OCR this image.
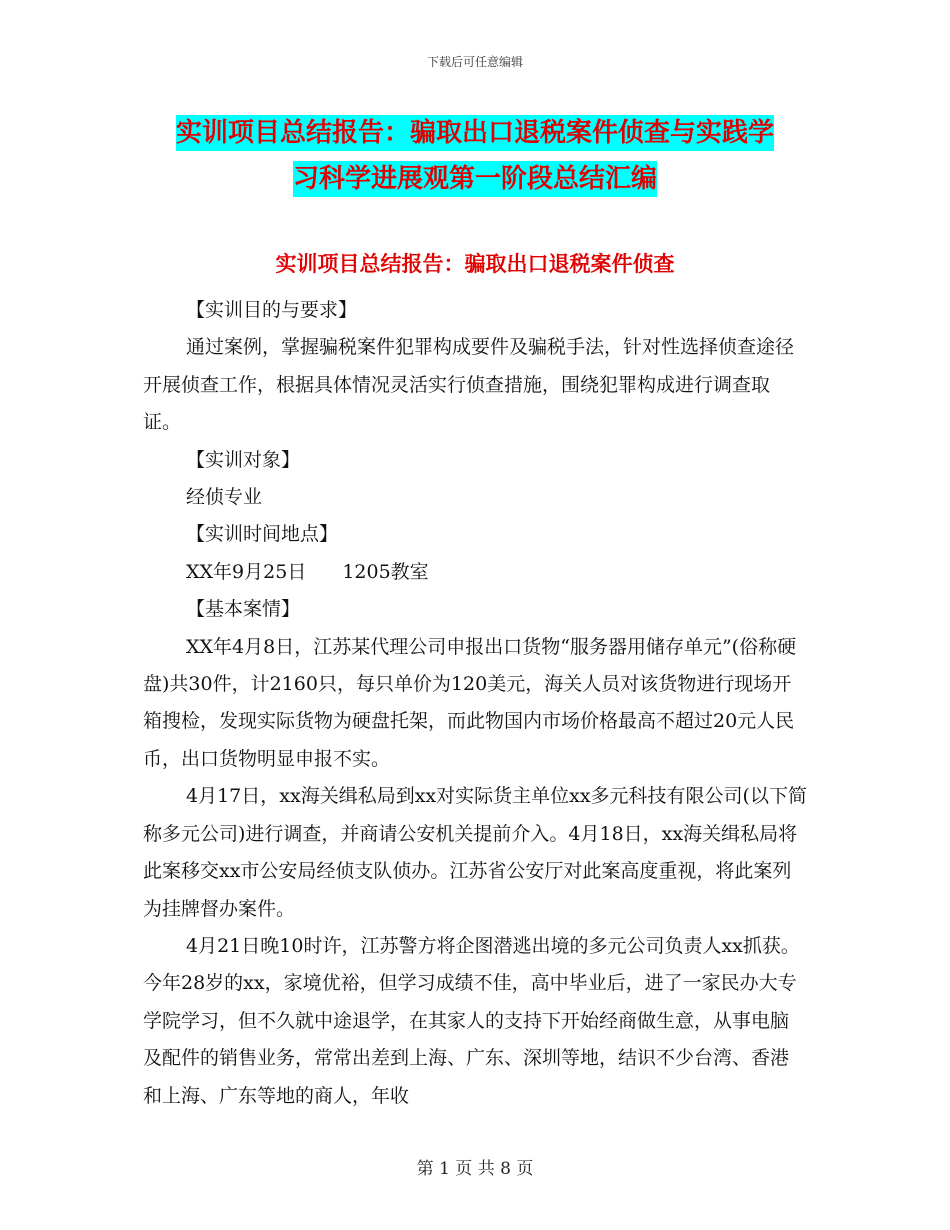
下载后可任意编辑
实训项目总结报告：骗取出口退税案件侦查与实践学
习科学进展观第一阶段总结汇编
实训项目总结报告：骗取出口退税案件侦查

【实训目的与要求】

通过案例，掌握骗税案件犯罪构成要件及骗税手法，针对性选择侦查途径开展侦查工作，根据具体情况灵活实行侦查措施，围绕犯罪构成进行调查取证。

【实训对象】

经侦专业

【实训时间地点】

XX年9月25日 1205教室

【基本案情】

XX年4月8日，江苏某代理公司申报出口货物“服务器用储存单元”(俗称硬盘)共30件，计2160只，每只单价为120美元，海关人员对该货物进行现场开箱搜检，发现实际货物为硬盘托架，而此物国内市场价格最高不超过20元人民币，出口货物明显申报不实。

4月17日，xx海关缉私局到xx对实际货主单位xx多元科技有限公司(以下简称多元公司)进行调查，并商请公安机关提前介入。4月18日，xx海关缉私局将此案移交xx市公安局经侦支队侦办。江苏省公安厅对此案高度重视，将此案列为挂牌督办案件。

4月21日晚10时许，江苏警方将企图潜逃出境的多元公司负责人xx抓获。今年28岁的xx，家境优裕，但学习成绩不佳，高中毕业后，进了一家民办大专学院学习，但不久就中途退学，在其家人的支持下开始经商做生意，从事电脑及配件的销售业务，常常出差到上海、广东、深圳等地，结识不少台湾、香港和上海、广东等地的商人，年收

第 1 页 共 8 页
